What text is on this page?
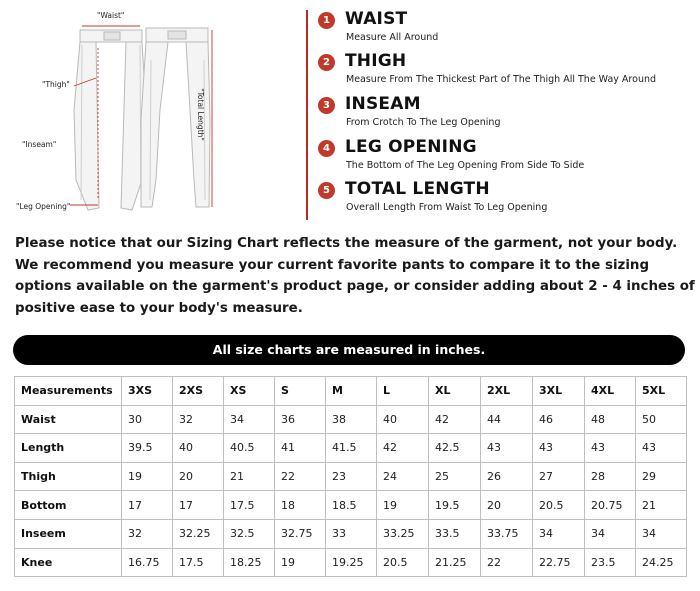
"Waist"
"Thigh"
"Inseam"
"Leg Opening"
"Total Length"
1 WAIST
Measure All Around
2 THIGH
Measure From The Thickest Part of The Thigh All The Way Around
3 INSEAM
From Crotch To The Leg Opening
4 LEG OPENING
The Bottom of The Leg Opening From Side To Side
5 TOTAL LENGTH
Overall Length From Waist To Leg Opening

Please notice that our Sizing Chart reflects the measure of the garment, not your body. We recommend you measure your current favorite pants to compare it to the sizing options available on the garment's product page, or consider adding about 2 - 4 inches of positive ease to your body's measure.

All size charts are measured in inches.
Measurements	3XS	2XS	XS	S	M	L	XL	2XL	3XL	4XL	5XL
Waist	30	32	34	36	38	40	42	44	46	48	50
Length	39.5	40	40.5	41	41.5	42	42.5	43	43	43	43
Thigh	19	20	21	22	23	24	25	26	27	28	29
Bottom	17	17	17.5	18	18.5	19	19.5	20	20.5	20.75	21
Inseem	32	32.25	32.5	32.75	33	33.25	33.5	33.75	34	34	34
Knee	16.75	17.5	18.25	19	19.25	20.5	21.25	22	22.75	23.5	24.25
